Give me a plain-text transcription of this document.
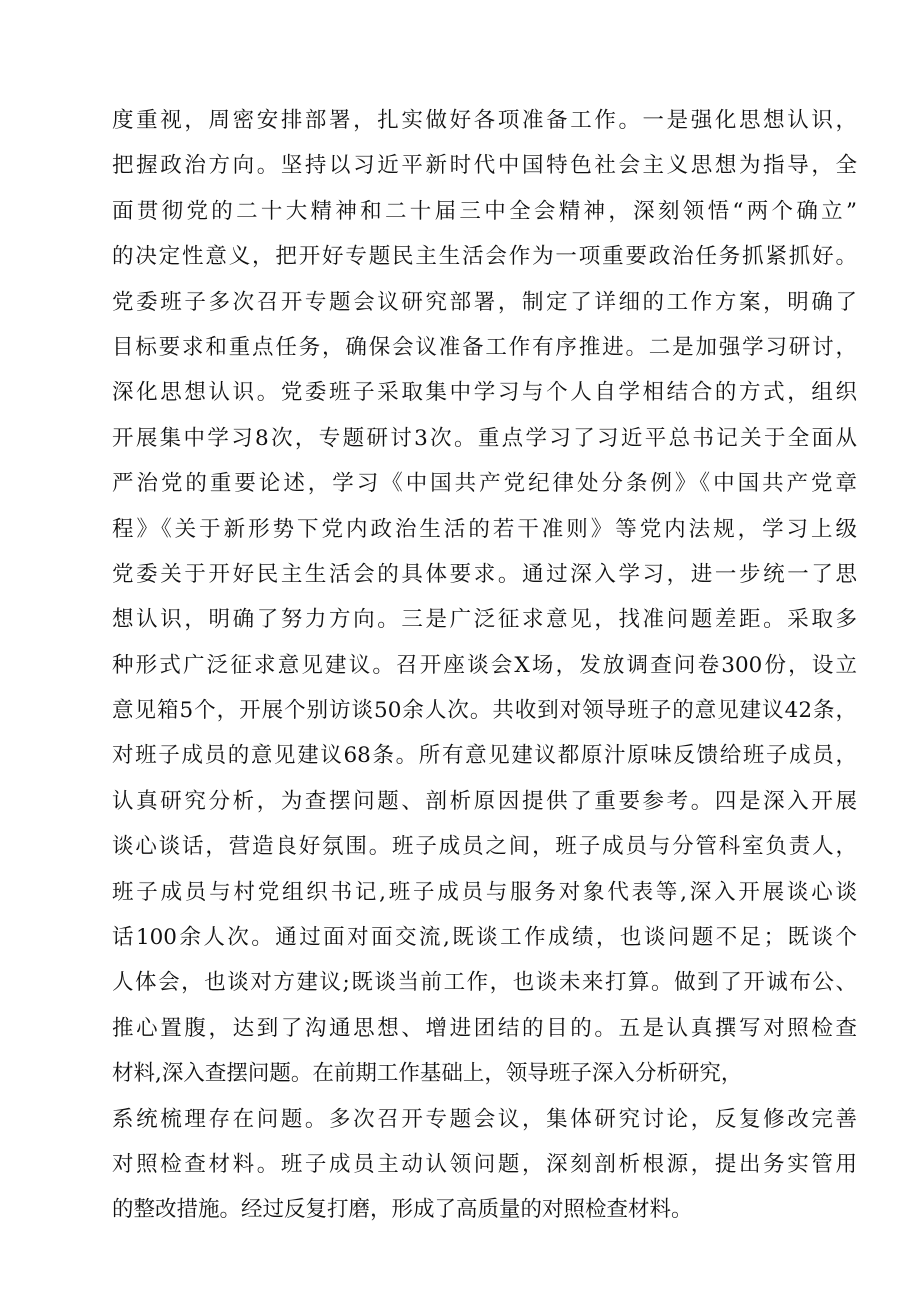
度重视，周密安排部署，扎实做好各项准备工作。一是强化思想认识，
把握政治方向。坚持以习近平新时代中国特色社会主义思想为指导，全
面贯彻党的二十大精神和二十届三中全会精神，深刻领悟“两个确立”
的决定性意义，把开好专题民主生活会作为一项重要政治任务抓紧抓好。
党委班子多次召开专题会议研究部署，制定了详细的工作方案，明确了
目标要求和重点任务，确保会议准备工作有序推进。二是加强学习研讨，
深化思想认识。党委班子采取集中学习与个人自学相结合的方式，组织
开展集中学习8次，专题研讨3次。重点学习了习近平总书记关于全面从
严治党的重要论述，学习《中国共产党纪律处分条例》《中国共产党章
程》《关于新形势下党内政治生活的若干准则》等党内法规，学习上级
党委关于开好民主生活会的具体要求。通过深入学习，进一步统一了思
想认识，明确了努力方向。三是广泛征求意见，找准问题差距。采取多
种形式广泛征求意见建议。召开座谈会X场，发放调查问卷300份，设立
意见箱5个，开展个别访谈50余人次。共收到对领导班子的意见建议42条，
对班子成员的意见建议68条。所有意见建议都原汁原味反馈给班子成员，
认真研究分析，为查摆问题、剖析原因提供了重要参考。四是深入开展
谈心谈话，营造良好氛围。班子成员之间，班子成员与分管科室负责人，
班子成员与村党组织书记,班子成员与服务对象代表等,深入开展谈心谈
话100余人次。通过面对面交流,既谈工作成绩，也谈问题不足；既谈个
人体会，也谈对方建议;既谈当前工作，也谈未来打算。做到了开诚布公、
推心置腹，达到了沟通思想、增进团结的目的。五是认真撰写对照检查
材料,深入查摆问题。在前期工作基础上，领导班子深入分析研究，
系统梳理存在问题。多次召开专题会议，集体研究讨论，反复修改完善
对照检查材料。班子成员主动认领问题，深刻剖析根源，提出务实管用
的整改措施。经过反复打磨，形成了高质量的对照检查材料。
